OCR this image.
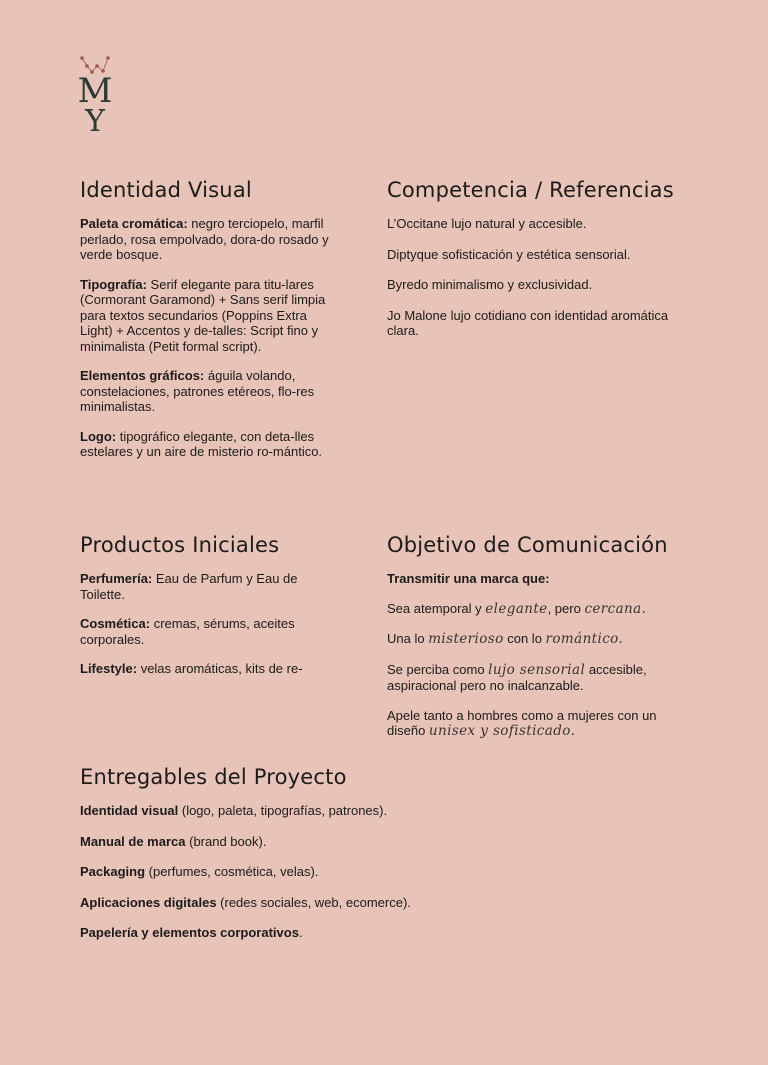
M
Y
Identidad Visual

Paleta cromática: negro terciopelo, marfil perlado, rosa empolvado, dora-do rosado y verde bosque.

Tipografía: Serif elegante para titu-lares (Cormorant Garamond) + Sans serif limpia para textos secundarios (Poppins Extra Light) + Accentos y de-talles: Script fino y minimalista (Petit formal script).

Elementos gráficos: águila volando, constelaciones, patrones etéreos, flo-res minimalistas.

Logo: tipográfico elegante, con deta-lles estelares y un aire de misterio ro-mántico.

Competencia / Referencias

L’Occitane lujo natural y accesible.

Diptyque sofisticación y estética sensorial.

Byredo minimalismo y exclusividad.

Jo Malone lujo cotidiano con identidad aromática clara.

Productos Iniciales

Perfumería: Eau de Parfum y Eau de Toilette.

Cosmética: cremas, sérums, aceites corporales.

Lifestyle: velas aromáticas, kits de re-

Objetivo de Comunicación

Transmitir una marca que:

Sea atemporal y elegante, pero cercana.

Una lo misterioso con lo romántico.

Se perciba como lujo sensorial accesible, aspiracional pero no inalcanzable.

Apele tanto a hombres como a mujeres con un diseño unisex y sofisticado.

Entregables del Proyecto

Identidad visual (logo, paleta, tipografías, patrones).

Manual de marca (brand book).

Packaging (perfumes, cosmética, velas).

Aplicaciones digitales (redes sociales, web, ecomerce).

Papelería y elementos corporativos.
